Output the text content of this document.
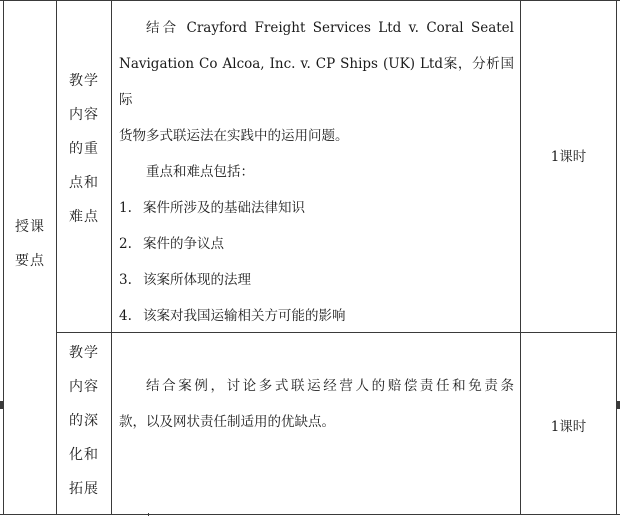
授课
要点
教学
内容
的重
点和
难点

结合 Crayford Freight Services Ltd v. Coral Seatel

Navigation Co Alcoa, Inc. v. CP Ships (UK) Ltd案，分析国际

货物多式联运法在实践中的运用问题。

重点和难点包括：

1. 案件所涉及的基础法律知识
2. 案件的争议点
3. 该案所体现的法理
4. 该案对我国运输相关方可能的影响
1课时
教学
内容
的深
化和
拓展

结合案例，讨论多式联运经营人的赔偿责任和免责条

款，以及网状责任制适用的优缺点。	1课时
